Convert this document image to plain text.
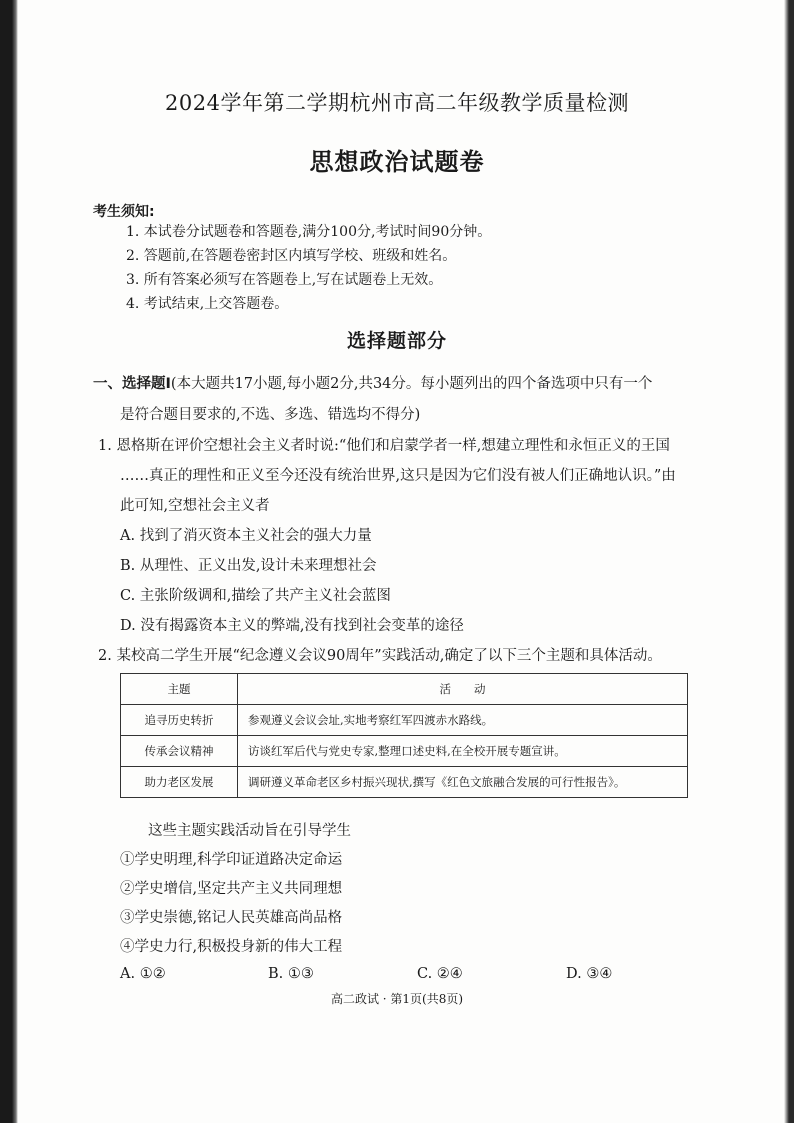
2024学年第二学期杭州市高二年级教学质量检测
思想政治试题卷
考生须知:
1. 本试卷分试题卷和答题卷,满分100分,考试时间90分钟。
2. 答题前,在答题卷密封区内填写学校、班级和姓名。
3. 所有答案必须写在答题卷上,写在试题卷上无效。
4. 考试结束,上交答题卷。
选择题部分
一、选择题Ⅰ(本大题共17小题,每小题2分,共34分。每小题列出的四个备选项中只有一个
是符合题目要求的,不选、多选、错选均不得分)
1. 恩格斯在评价空想社会主义者时说:“他们和启蒙学者一样,想建立理性和永恒正义的王国
……真正的理性和正义至今还没有统治世界,这只是因为它们没有被人们正确地认识。”由
此可知,空想社会主义者
A. 找到了消灭资本主义社会的强大力量
B. 从理性、正义出发,设计未来理想社会
C. 主张阶级调和,描绘了共产主义社会蓝图
D. 没有揭露资本主义的弊端,没有找到社会变革的途径
2. 某校高二学生开展“纪念遵义会议90周年”实践活动,确定了以下三个主题和具体活动。
主题	活　　动
追寻历史转折	参观遵义会议会址,实地考察红军四渡赤水路线。
传承会议精神	访谈红军后代与党史专家,整理口述史料,在全校开展专题宣讲。
助力老区发展	调研遵义革命老区乡村振兴现状,撰写《红色文旅融合发展的可行性报告》。
这些主题实践活动旨在引导学生
①学史明理,科学印证道路决定命运
②学史增信,坚定共产主义共同理想
③学史崇德,铭记人民英雄高尚品格
④学史力行,积极投身新的伟大工程
A. ①②	B. ①③	C. ②④	D. ③④
高二政试 · 第1页(共8页)
